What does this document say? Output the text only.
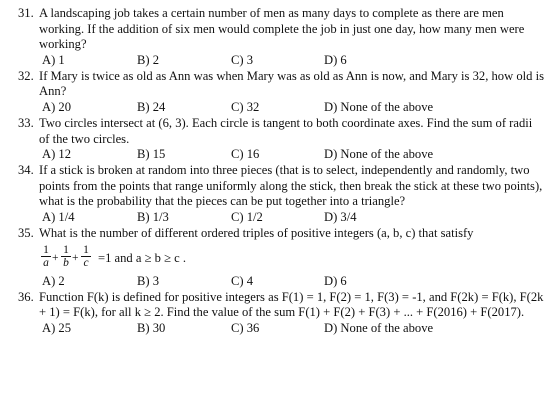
31. A landscaping job takes a certain number of men as many days to complete as there are men working. If the addition of six men would complete the job in just one day, how many men were working?
A) 1	B) 2	C) 3	D) 6
32. If Mary is twice as old as Ann was when Mary was as old as Ann is now, and Mary is 32, how old is Ann?
A) 20	B) 24	C) 32	D) None of the above
33. Two circles intersect at (6, 3). Each circle is tangent to both coordinate axes. Find the sum of radii of the two circles.
A) 12	B) 15	C) 16	D) None of the above
34. If a stick is broken at random into three pieces (that is to select, independently and randomly, two points from the points that range uniformly along the stick, then break the stick at these two points), what is the probability that the pieces can be put together into a triangle?
A) 1/4	B) 1/3	C) 1/2	D) 3/4
35. What is the number of different ordered triples of positive integers (a, b, c) that satisfy
$\frac{1}{a} + \frac{1}{b} + \frac{1}{c} =1$ and a ≥ b ≥ c .
A) 2	B) 3	C) 4	D) 6
36. Function F(k) is defined for positive integers as F(1) = 1, F(2) = 1, F(3) = -1, and F(2k) = F(k), F(2k + 1) = F(k), for all k ≥ 2. Find the value of the sum F(1) + F(2) + F(3) + ... + F(2016) + F(2017).
A) 25	B) 30	C) 36	D) None of the above
